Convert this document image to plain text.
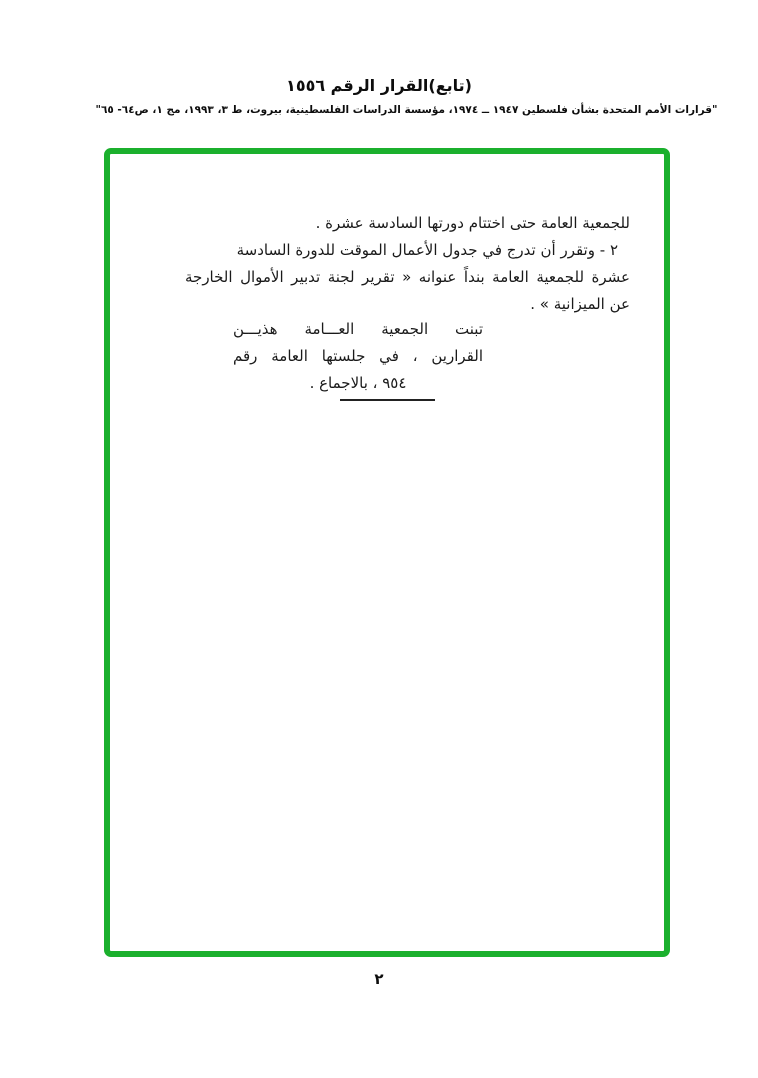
(تابع)القرار الرقم ١٥٥٦
"قرارات الأمم المتحدة بشأن فلسطين ١٩٤٧ ــ ١٩٧٤، مؤسسة الدراسات الفلسطينية، بيروت، ط ٣، ١٩٩٣، مج ١، ص٦٤- ٦٥"
للجمعية العامة حتى اختتام دورتها السادسة عشرة .
٢ - وتقرر أن تدرج في جدول الأعمال الموقت للدورة السادسة
عشرة للجمعية العامة بنداً عنوانه « تقرير لجنة تدبير الأموال الخارجة
عن الميزانية » .
تبنت الجمعية العـــامة هذيـــن
القرارين ، في جلستها العامة رقم
٩٥٤ ، بالاجماع .
٢
